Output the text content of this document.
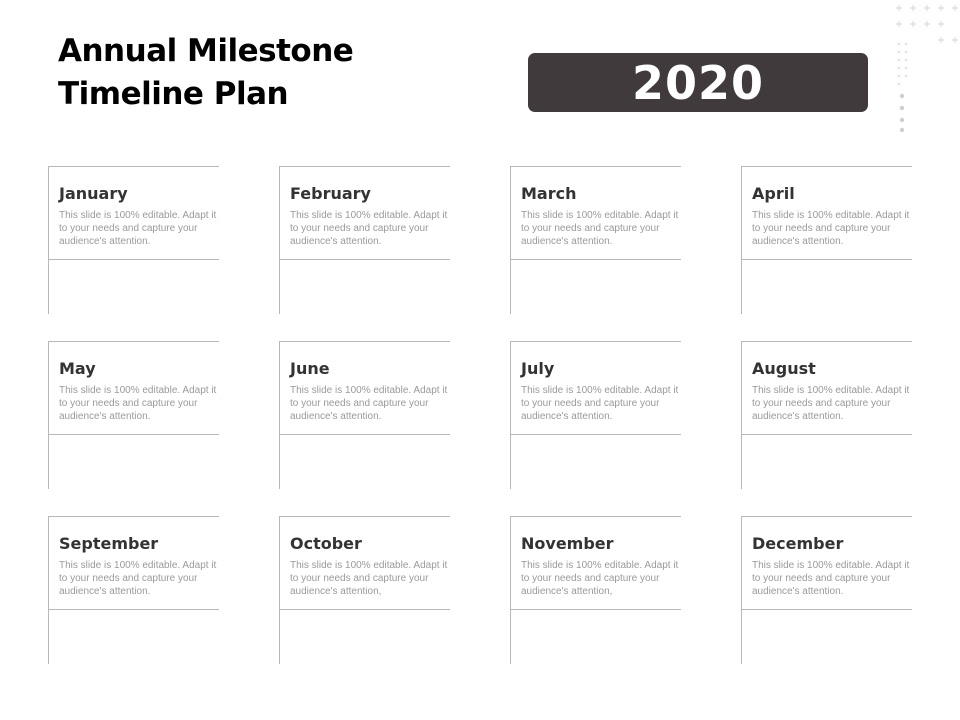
Annual Milestone
Timeline Plan	2020
January
This slide is 100% editable. Adapt it to your needs and capture your audience's attention.
February
This slide is 100% editable. Adapt it to your needs and capture your audience's attention.
March
This slide is 100% editable. Adapt it to your needs and capture your audience's attention.
April
This slide is 100% editable. Adapt it to your needs and capture your audience's attention.
May
This slide is 100% editable. Adapt it to your needs and capture your audience's attention.
June
This slide is 100% editable. Adapt it to your needs and capture your audience's attention.
July
This slide is 100% editable. Adapt it to your needs and capture your audience's attention.
August
This slide is 100% editable. Adapt it to your needs and capture your audience's attention.
September
This slide is 100% editable. Adapt it to your needs and capture your audience's attention.
October
This slide is 100% editable. Adapt it to your needs and capture your audience's attention,
November
This slide is 100% editable. Adapt it to your needs and capture your audience's attention,
December
This slide is 100% editable. Adapt it to your needs and capture your audience's attention.
